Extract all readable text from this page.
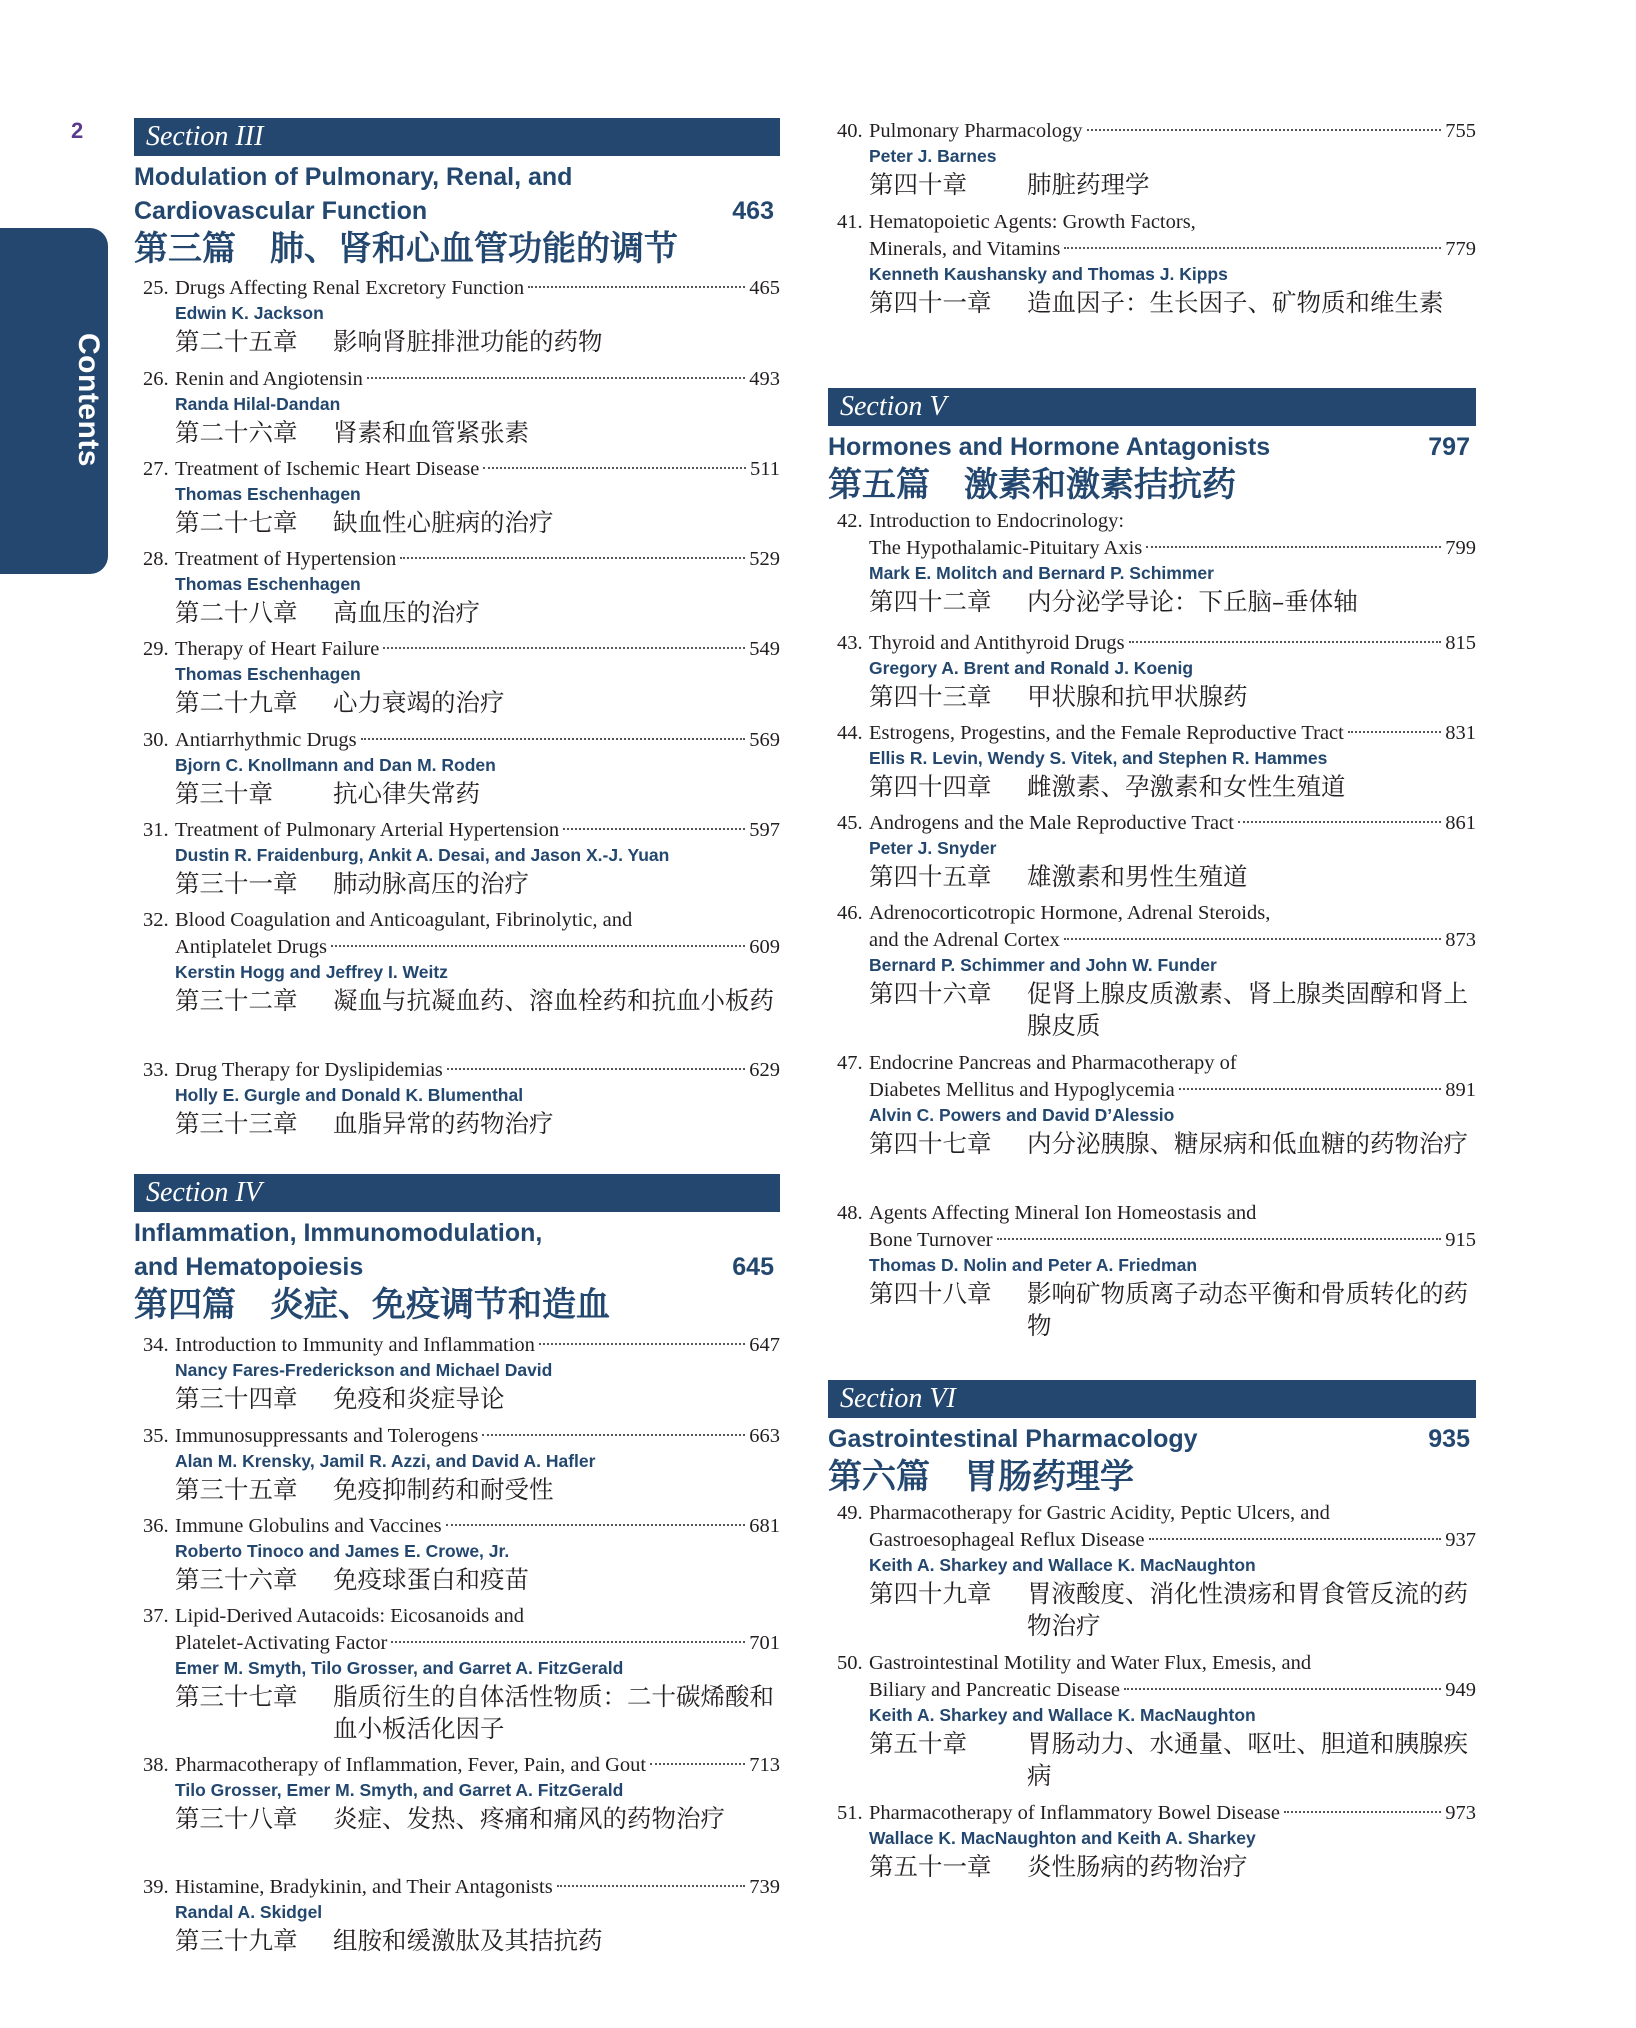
2
Contents
Section III
Modulation of Pulmonary, Renal, and
Cardiovascular Function	463
第三篇　肺、肾和心血管功能的调节
25. Drugs Affecting Renal Excretory Function	465
Edwin K. Jackson
第二十五章	影响肾脏排泄功能的药物
26. Renin and Angiotensin	493
Randa Hilal-Dandan
第二十六章	肾素和血管紧张素
27. Treatment of Ischemic Heart Disease	511
Thomas Eschenhagen
第二十七章	缺血性心脏病的治疗
28. Treatment of Hypertension	529
Thomas Eschenhagen
第二十八章	高血压的治疗
29. Therapy of Heart Failure	549
Thomas Eschenhagen
第二十九章	心力衰竭的治疗
30. Antiarrhythmic Drugs	569
Bjorn C. Knollmann and Dan M. Roden
第三十章	抗心律失常药
31. Treatment of Pulmonary Arterial Hypertension	597
Dustin R. Fraidenburg, Ankit A. Desai, and Jason X.-J. Yuan
第三十一章	肺动脉高压的治疗
32. Blood Coagulation and Anticoagulant, Fibrinolytic, and
Antiplatelet Drugs	609
Kerstin Hogg and Jeffrey I. Weitz
第三十二章	凝血与抗凝血药、溶血栓药和抗血小板药
33. Drug Therapy for Dyslipidemias	629
Holly E. Gurgle and Donald K. Blumenthal
第三十三章	血脂异常的药物治疗
Section IV
Inflammation, Immunomodulation,
and Hematopoiesis	645
第四篇　炎症、免疫调节和造血
34. Introduction to Immunity and Inflammation	647
Nancy Fares-Frederickson and Michael David
第三十四章	免疫和炎症导论
35. Immunosuppressants and Tolerogens	663
Alan M. Krensky, Jamil R. Azzi, and David A. Hafler
第三十五章	免疫抑制药和耐受性
36. Immune Globulins and Vaccines	681
Roberto Tinoco and James E. Crowe, Jr.
第三十六章	免疫球蛋白和疫苗
37. Lipid-Derived Autacoids: Eicosanoids and
Platelet-Activating Factor	701
Emer M. Smyth, Tilo Grosser, and Garret A. FitzGerald
第三十七章	脂质衍生的自体活性物质：二十碳烯酸和血小板活化因子
38. Pharmacotherapy of Inflammation, Fever, Pain, and Gout	713
Tilo Grosser, Emer M. Smyth, and Garret A. FitzGerald
第三十八章	炎症、发热、疼痛和痛风的药物治疗
39. Histamine, Bradykinin, and Their Antagonists	739
Randal A. Skidgel
第三十九章	组胺和缓激肽及其拮抗药
40. Pulmonary Pharmacology	755
Peter J. Barnes
第四十章	肺脏药理学
41. Hematopoietic Agents: Growth Factors,
Minerals, and Vitamins	779
Kenneth Kaushansky and Thomas J. Kipps
第四十一章	造血因子：生长因子、矿物质和维生素
Section V
Hormones and Hormone Antagonists	797
第五篇　激素和激素拮抗药
42. Introduction to Endocrinology:
The Hypothalamic-Pituitary Axis	799
Mark E. Molitch and Bernard P. Schimmer
第四十二章	内分泌学导论：下丘脑–垂体轴
43. Thyroid and Antithyroid Drugs	815
Gregory A. Brent and Ronald J. Koenig
第四十三章	甲状腺和抗甲状腺药
44. Estrogens, Progestins, and the Female Reproductive Tract	831
Ellis R. Levin, Wendy S. Vitek, and Stephen R. Hammes
第四十四章	雌激素、孕激素和女性生殖道
45. Androgens and the Male Reproductive Tract	861
Peter J. Snyder
第四十五章	雄激素和男性生殖道
46. Adrenocorticotropic Hormone, Adrenal Steroids,
and the Adrenal Cortex	873
Bernard P. Schimmer and John W. Funder
第四十六章	促肾上腺皮质激素、肾上腺类固醇和肾上腺皮质
47. Endocrine Pancreas and Pharmacotherapy of
Diabetes Mellitus and Hypoglycemia	891
Alvin C. Powers and David D’Alessio
第四十七章	内分泌胰腺、糖尿病和低血糖的药物治疗
48. Agents Affecting Mineral Ion Homeostasis and
Bone Turnover	915
Thomas D. Nolin and Peter A. Friedman
第四十八章	影响矿物质离子动态平衡和骨质转化的药物
Section VI
Gastrointestinal Pharmacology	935
第六篇　胃肠药理学
49. Pharmacotherapy for Gastric Acidity, Peptic Ulcers, and
Gastroesophageal Reflux Disease	937
Keith A. Sharkey and Wallace K. MacNaughton
第四十九章	胃液酸度、消化性溃疡和胃食管反流的药物治疗
50. Gastrointestinal Motility and Water Flux, Emesis, and
Biliary and Pancreatic Disease	949
Keith A. Sharkey and Wallace K. MacNaughton
第五十章	胃肠动力、水通量、呕吐、胆道和胰腺疾病
51. Pharmacotherapy of Inflammatory Bowel Disease	973
Wallace K. MacNaughton and Keith A. Sharkey
第五十一章	炎性肠病的药物治疗
